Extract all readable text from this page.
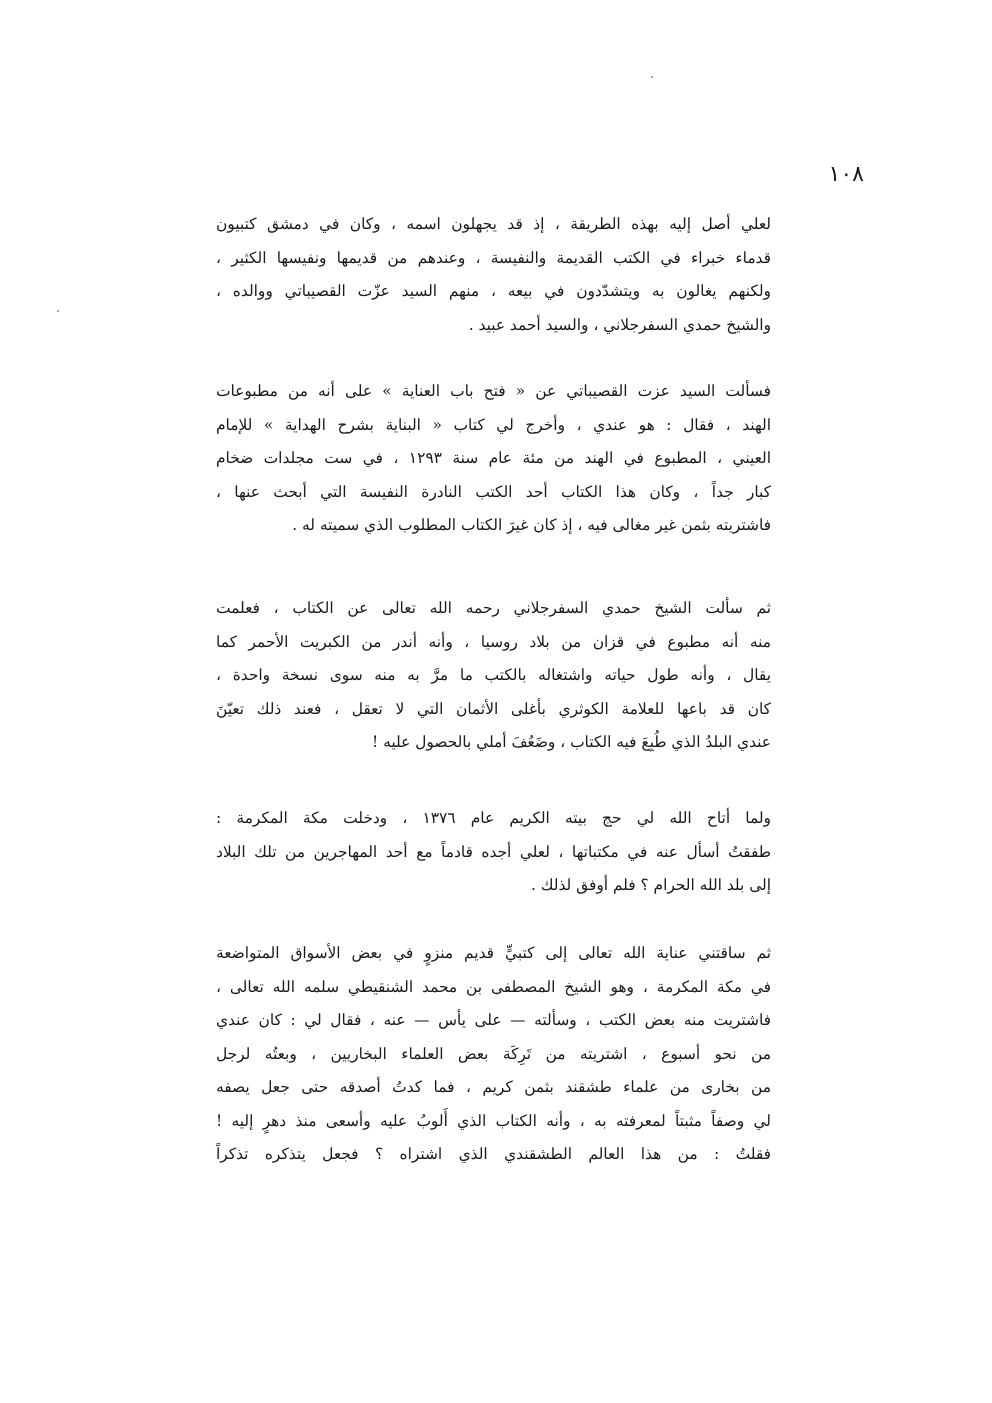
١٠٨
لعلي أصل إليه بهذه الطريقة ، إذ قد يجهلون اسمه ، وكان في دمشق كتبيون
قدماء خبراء في الكتب القديمة والنفيسة ، وعندهم من قديمها ونفيسها الكثير ،
ولكنهم يغالون به ويتشدّدون في بيعه ، منهم السيد عزّت القصيباتي ووالده ،
والشيخ حمدي السفرجلاني ، والسيد أحمد عبيد .
فسألت السيد عزت القصيباتي عن « فتح باب العناية » على أنه من مطبوعات
الهند ، فقال : هو عندي ، وأخرج لي كتاب « البناية بشرح الهداية » للإمام
العيني ، المطبوع في الهند من مئة عام سنة ١٢٩٣ ، في ست مجلدات ضخام
كبار جداً ، وكان هذا الكتاب أحد الكتب النادرة النفيسة التي أبحث عنها ،
فاشتريته بثمن غير مغالى فيه ، إذ كان غيرَ الكتاب المطلوب الذي سميته له .
ثم سألت الشيخ حمدي السفرجلاني رحمه الله تعالى عن الكتاب ، فعلمت
منه أنه مطبوع في قزان من بلاد روسيا ، وأنه أندر من الكبريت الأحمر كما
يقال ، وأنه طول حياته واشتغاله بالكتب ما مرَّ به منه سوى نسخة واحدة ،
كان قد باعها للعلامة الكوثري بأغلى الأثمان التي لا تعقل ، فعند ذلك تعيّنَ
عندي البلدُ الذي طُبِعَ فيه الكتاب ، وضَعُفَ أملي بالحصول عليه !
ولما أتاح الله لي حج بيته الكريم عام ١٣٧٦ ، ودخلت مكة المكرمة :
طفقتُ أسأل عنه في مكتباتها ، لعلي أجده قادماً مع أحد المهاجرين من تلك البلاد
إلى بلد الله الحرام ؟ فلم أوفق لذلك .
ثم ساقتني عناية الله تعالى إلى كتبيٍّ قديم منزوٍ في بعض الأسواق المتواضعة
في مكة المكرمة ، وهو الشيخ المصطفى بن محمد الشنقيطي سلمه الله تعالى ،
فاشتريت منه بعض الكتب ، وسألته — على يأس — عنه ، فقال لي : كان عندي
من نحو أسبوع ، اشتريته من تَرِكَة بعض العلماء البخاريين ، وبعتُه لرجل
من بخارى من علماء طشقند بثمن كريم ، فما كدتُ أصدقه حتى جعل يصفه
لي وصفاً مثبتاً لمعرفته به ، وأنه الكتاب الذي أَلوبُ عليه وأسعى منذ دهرٍ إليه !
فقلتُ : من هذا العالم الطشقندي الذي اشتراه ؟ فجعل يتذكره تذكراً
